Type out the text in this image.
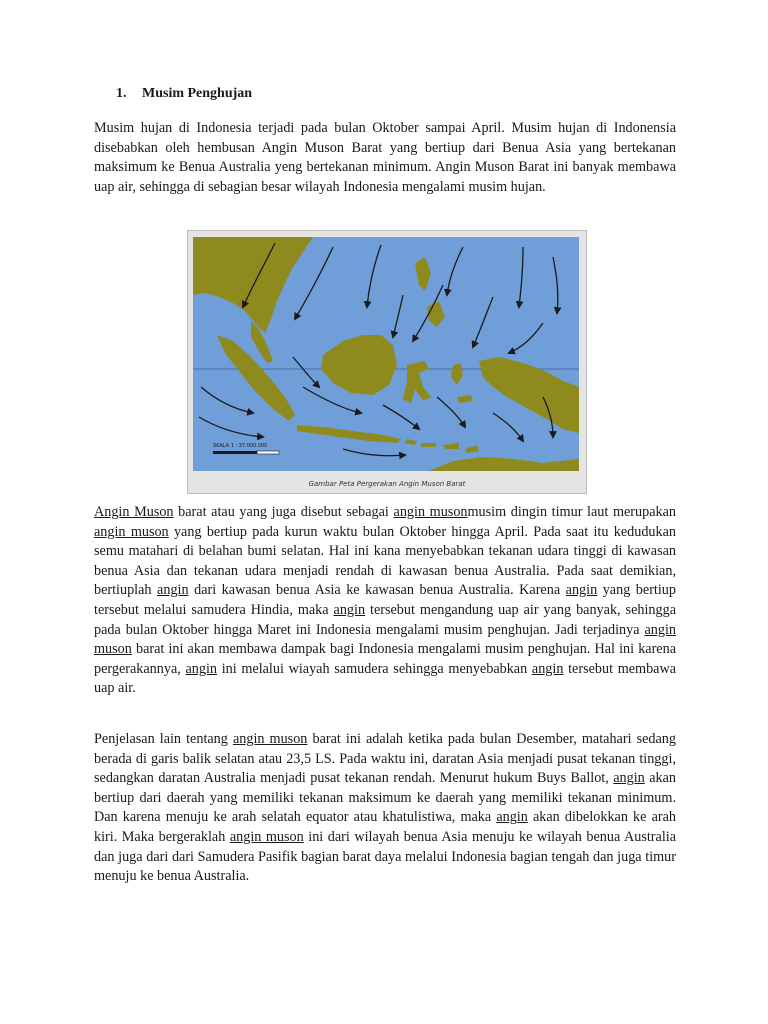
1. Musim Penghujan

Musim hujan di Indonesia terjadi pada bulan Oktober sampai April. Musim hujan di Indonensia disebabkan oleh hembusan Angin Muson Barat yang bertiup dari Benua Asia yang bertekanan maksimum ke Benua Australia yeng bertekanan minimum. Angin Muson Barat ini banyak membawa uap air, sehingga di sebagian besar wilayah Indonesia mengalami musim hujan.

SKALA 1 : 37.000.000
Gambar Peta Pergerakan Angin Muson Barat

Angin Muson barat atau yang juga disebut sebagai angin musonmusim dingin timur laut merupakan angin muson yang bertiup pada kurun waktu bulan Oktober hingga April. Pada saat itu kedudukan semu matahari di belahan bumi selatan. Hal ini kana menyebabkan tekanan udara tinggi di kawasan benua Asia dan tekanan udara menjadi rendah di kawasan benua Australia. Pada saat demikian, bertiuplah angin dari kawasan benua Asia ke kawasan benua Australia. Karena angin yang bertiup tersebut melalui samudera Hindia, maka angin tersebut mengandung uap air yang banyak, sehingga pada bulan Oktober hingga Maret ini Indonesia mengalami musim penghujan. Jadi terjadinya angin muson barat ini akan membawa dampak bagi Indonesia mengalami musim penghujan. Hal ini karena pergerakannya, angin ini melalui wiayah samudera sehingga menyebabkan angin tersebut membawa uap air.

Penjelasan lain tentang angin muson barat ini adalah ketika pada bulan Desember, matahari sedang berada di garis balik selatan atau 23,5 LS. Pada waktu ini, daratan Asia menjadi pusat tekanan tinggi, sedangkan daratan Australia menjadi pusat tekanan rendah. Menurut hukum Buys Ballot, angin akan bertiup dari daerah yang memiliki tekanan maksimum ke daerah yang memiliki tekanan minimum. Dan karena menuju ke arah selatah equator atau khatulistiwa, maka angin akan dibelokkan ke arah kiri. Maka bergeraklah angin muson ini dari wilayah benua Asia menuju ke wilayah benua Australia dan juga dari dari Samudera Pasifik bagian barat daya melalui Indonesia bagian tengah dan juga timur menuju ke benua Australia.
